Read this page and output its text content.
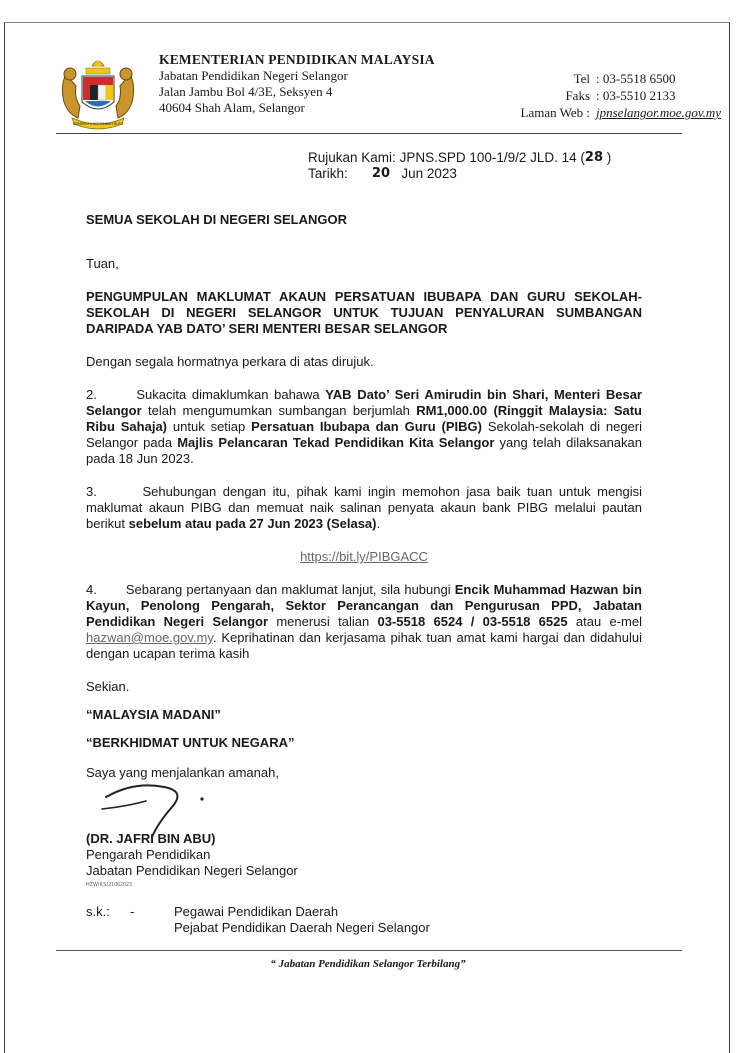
BERSEKUTU BERTAMBAH MUTU
KEMENTERIAN PENDIDIKAN MALAYSIA
Jabatan Pendidikan Negeri Selangor
Jalan Jambu Bol 4/3E, Seksyen 4
40604 Shah Alam, Selangor
Tel : 03-5518 6500
Faks : 03-5510 2133
Laman Web : jpnselangor.moe.gov.my
Rujukan Kami:
JPNS.SPD 100-1/9/2 JLD. 14 ( 28
)
Tarikh:	20
Jun 2023

SEMUA SEKOLAH DI NEGERI SELANGOR

Tuan,

PENGUMPULAN MAKLUMAT AKAUN PERSATUAN IBUBAPA DAN GURU SEKOLAH-SEKOLAH DI NEGERI SELANGOR UNTUK TUJUAN PENYALURAN SUMBANGAN DARIPADA YAB DATO’ SERI MENTERI BESAR SELANGOR

Dengan segala hormatnya perkara di atas dirujuk.

2.	Sukacita dimaklumkan bahawa YAB Dato’ Seri Amirudin bin Shari, Menteri Besar Selangor telah mengumumkan sumbangan berjumlah RM1,000.00 (Ringgit Malaysia: Satu Ribu Sahaja) untuk setiap Persatuan Ibubapa dan Guru (PIBG) Sekolah-sekolah di negeri Selangor pada Majlis Pelancaran Tekad Pendidikan Kita Selangor yang telah dilaksanakan pada 18 Jun 2023.

3.	Sehubungan dengan itu, pihak kami ingin memohon jasa baik tuan untuk mengisi maklumat akaun PIBG dan memuat naik salinan penyata akaun bank PIBG melalui pautan berikut sebelum atau pada 27 Jun 2023 (Selasa).

https://bit.ly/PIBGACC

4. Sebarang pertanyaan dan maklumat lanjut, sila hubungi Encik Muhammad Hazwan bin Kayun, Penolong Pengarah, Sektor Perancangan dan Pengurusan PPD, Jabatan Pendidikan Negeri Selangor menerusi talian 03-5518 6524 / 03-5518 6525 atau e-mel hazwan@moe.gov.my. Keprihatinan dan kerjasama pihak tuan amat kami hargai dan didahului dengan ucapan terima kasih

Sekian.

“MALAYSIA MADANI”

“BERKHIDMAT UNTUK NEGARA”

Saya yang menjalankan amanah,

(DR. JAFRI BIN ABU)

Pengarah Pendidikan

Jabatan Pendidikan Negeri Selangor

HZW/KS/21062023

s.k.:	-	Pegawai Pendidikan Daerah
Pejabat Pendidikan Daerah Negeri Selangor
“ Jabatan Pendidikan Selangor Terbilang”
